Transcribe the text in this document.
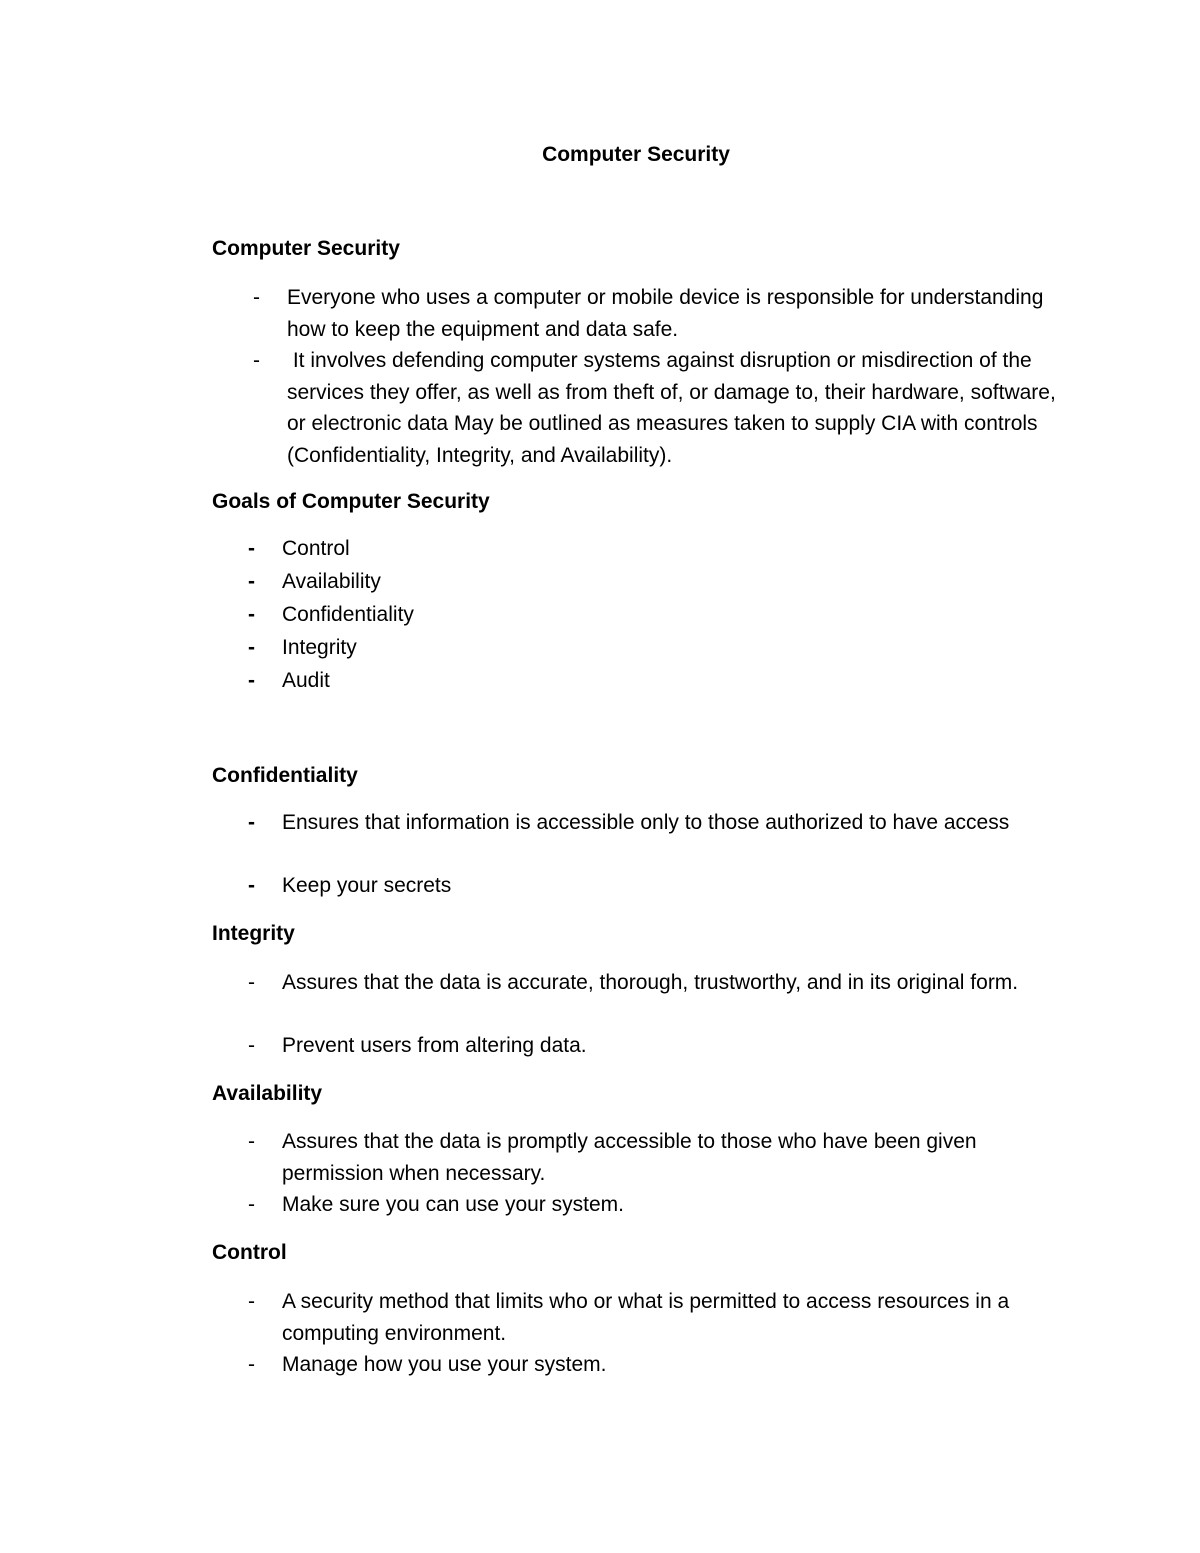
Computer Security
Computer Security
- Everyone who uses a computer or mobile device is responsible for understanding how to keep the equipment and data safe.
- It involves defending computer systems against disruption or misdirection of the services they offer, as well as from theft of, or damage to, their hardware, software, or electronic data May be outlined as measures taken to supply CIA with controls (Confidentiality, Integrity, and Availability).
Goals of Computer Security
- Control
- Availability
- Confidentiality
- Integrity
- Audit
Confidentiality
- Ensures that information is accessible only to those authorized to have access
- Keep your secrets
Integrity
- Assures that the data is accurate, thorough, trustworthy, and in its original form.
- Prevent users from altering data.
Availability
- Assures that the data is promptly accessible to those who have been given permission when necessary.
- Make sure you can use your system.
Control
- A security method that limits who or what is permitted to access resources in a computing environment.
- Manage how you use your system.
